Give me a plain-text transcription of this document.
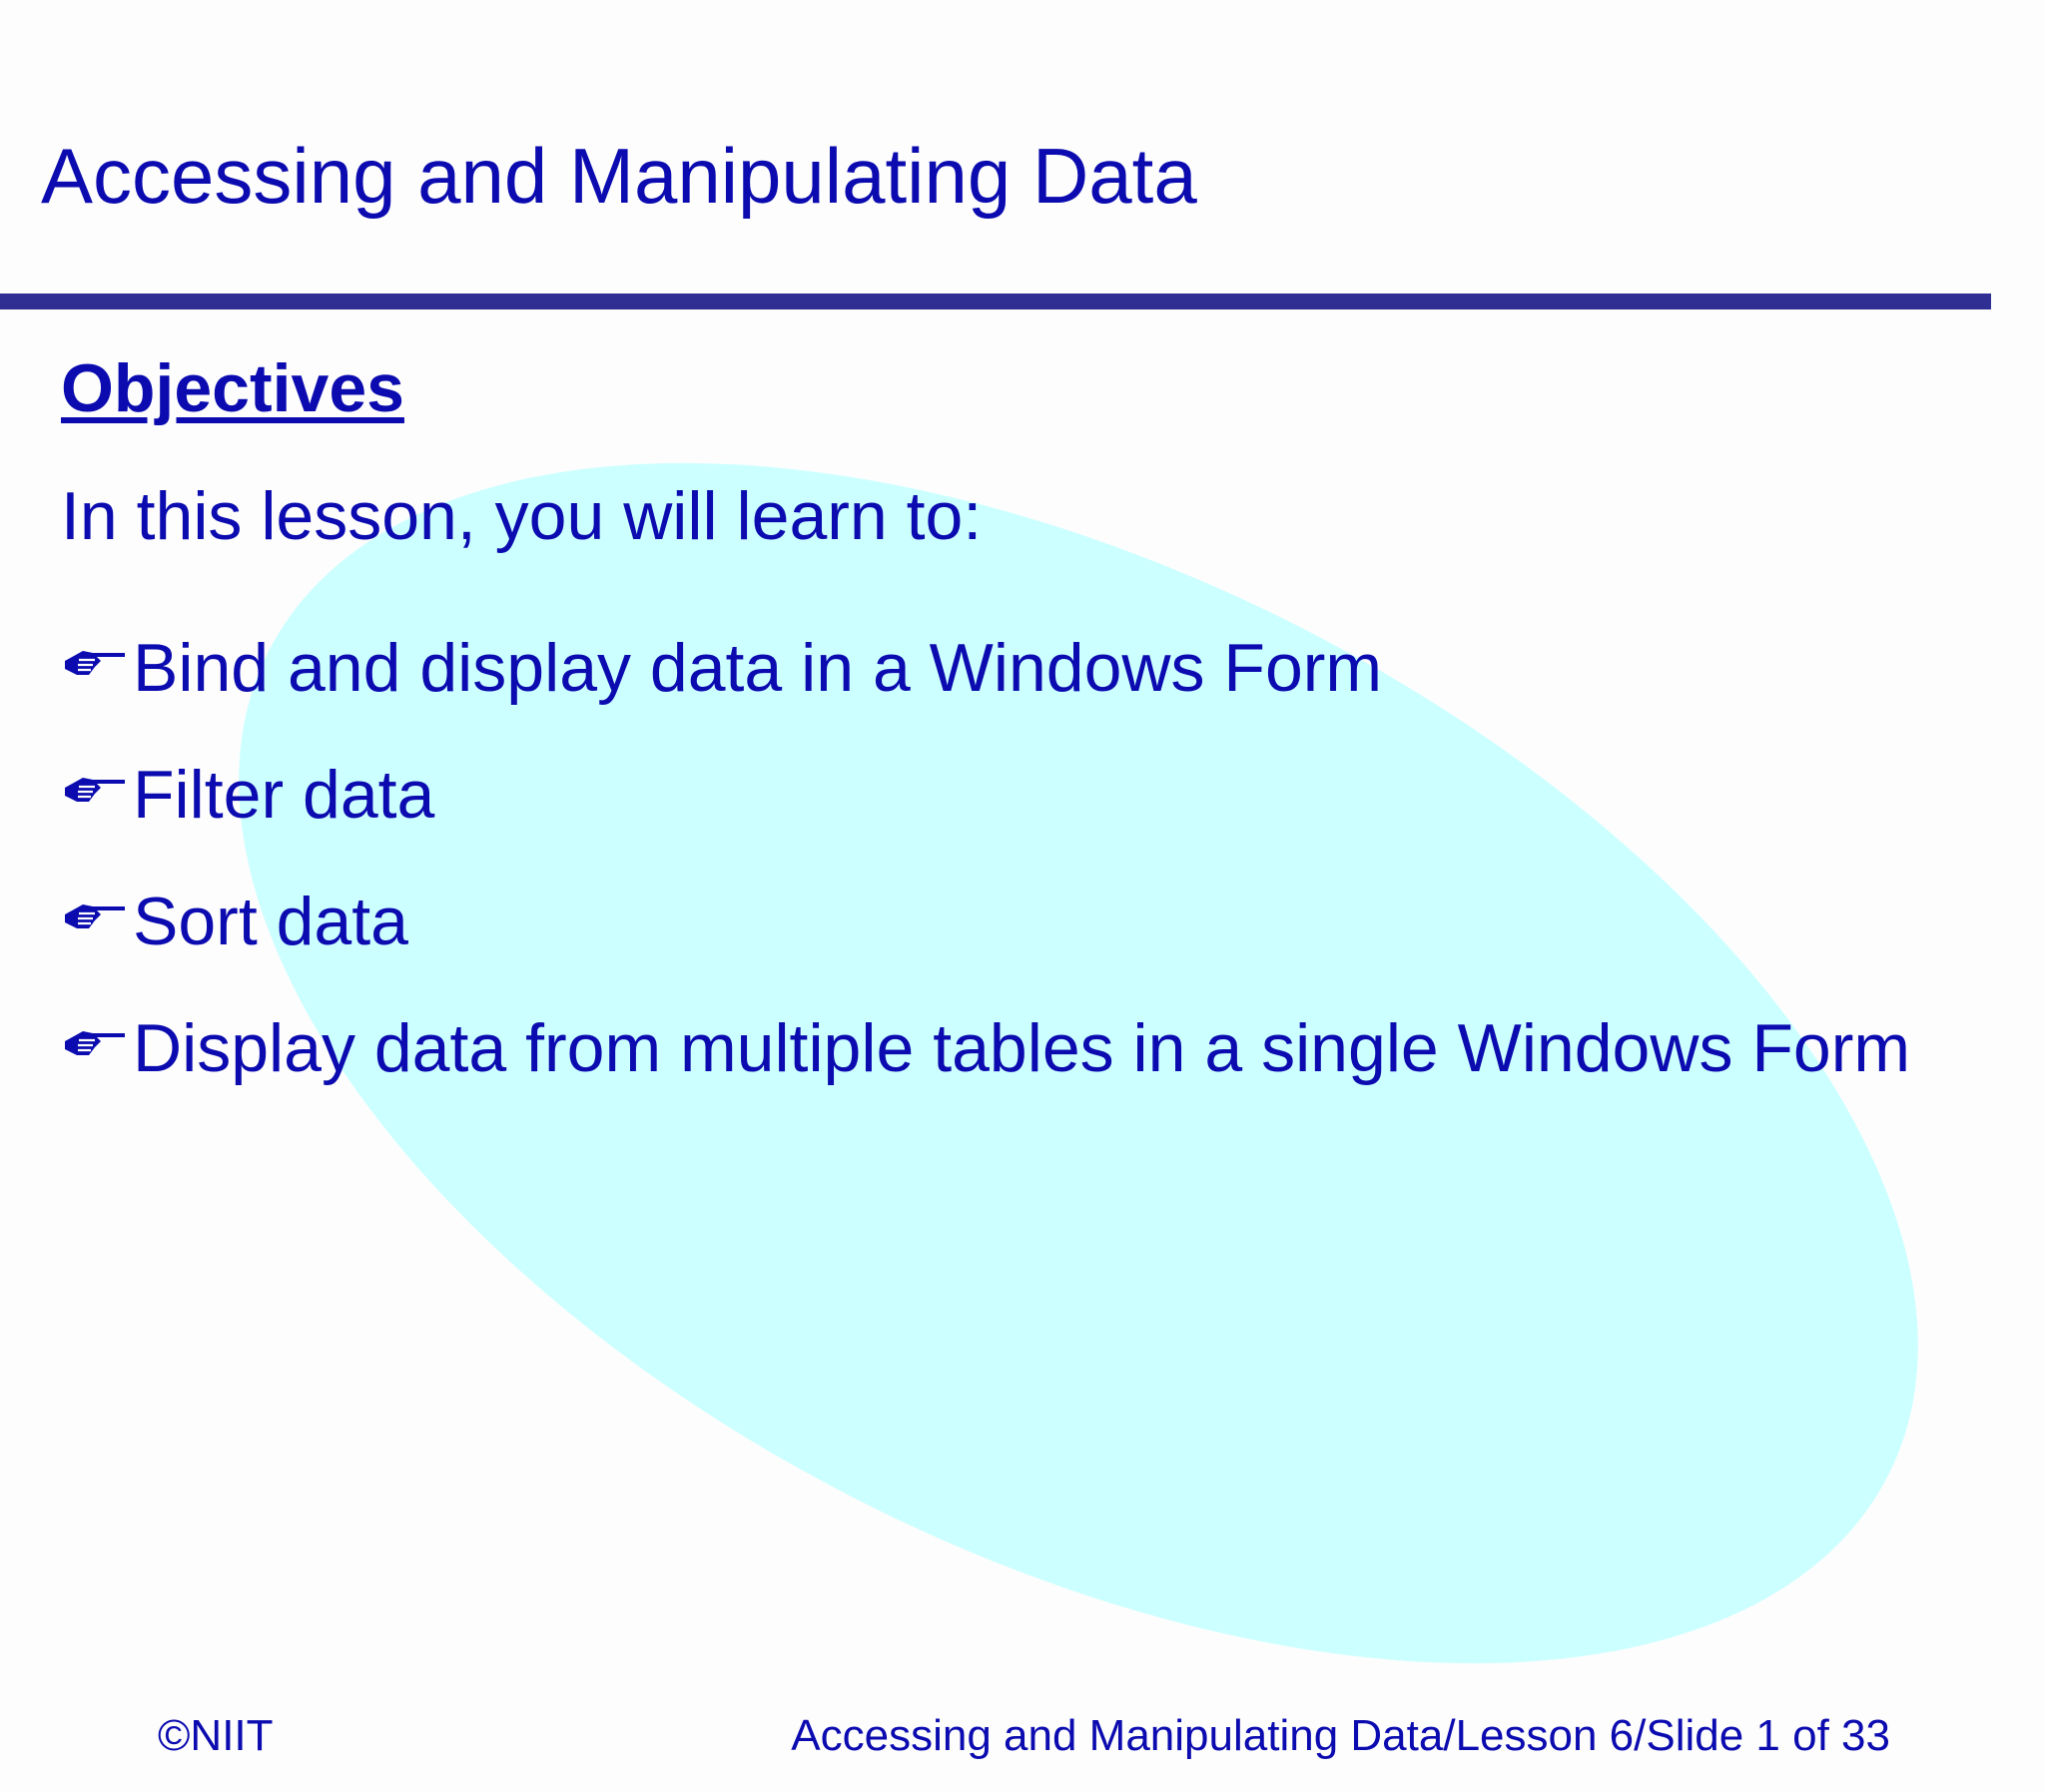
Accessing and Manipulating Data
Objectives

In this lesson, you will learn to:

Bind and display data in a Windows Form
Filter data
Sort data
Display data from multiple tables in a single Windows Form
©NIIT	Accessing and Manipulating Data/Lesson 6/Slide 1 of 33
